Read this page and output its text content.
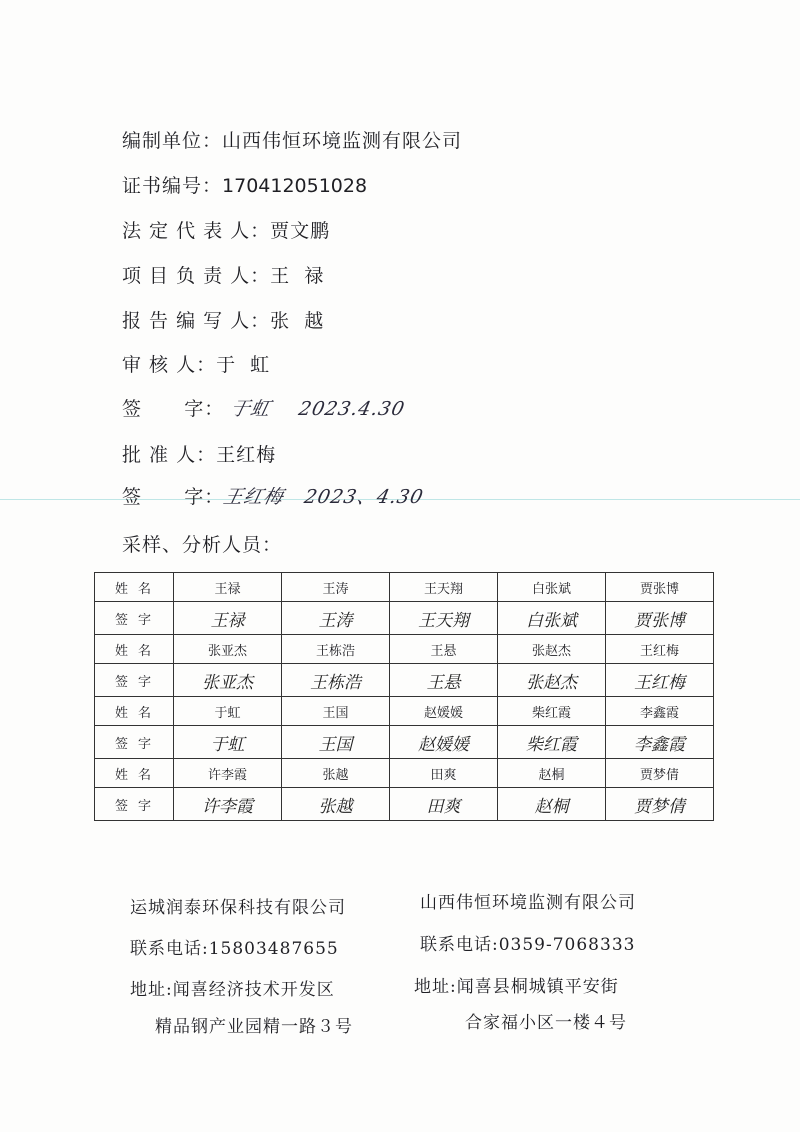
编制单位：山西伟恒环境监测有限公司
证书编号：170412051028
法 定 代 表 人：贾文鹏
项 目 负 责 人：王  禄
报 告 编 写 人：张  越
审 核 人：于  虹
签      字： 于虹 2023.4.30
批 准 人：王红梅
签      字：王红梅 2023、4.30
采样、分析人员：
姓名	王禄	王涛	王天翔	白张斌	贾张博
签字	王禄	王涛	王天翔	白张斌	贾张博
姓名	张亚杰	王栋浩	王悬	张赵杰	王红梅
签字	张亚杰	王栋浩	王悬	张赵杰	王红梅
姓名	于虹	王国	赵媛媛	柴红霞	李鑫霞
签字	于虹	王国	赵媛媛	柴红霞	李鑫霞
姓名	许李霞	张越	田爽	赵桐	贾梦倩
签字	许李霞	张越	田爽	赵桐	贾梦倩
运城润泰环保科技有限公司
联系电话:15803487655
地址:闻喜经济技术开发区
精品钢产业园精一路３号
山西伟恒环境监测有限公司
联系电话:0359-7068333
地址:闻喜县桐城镇平安街
合家福小区一楼４号
